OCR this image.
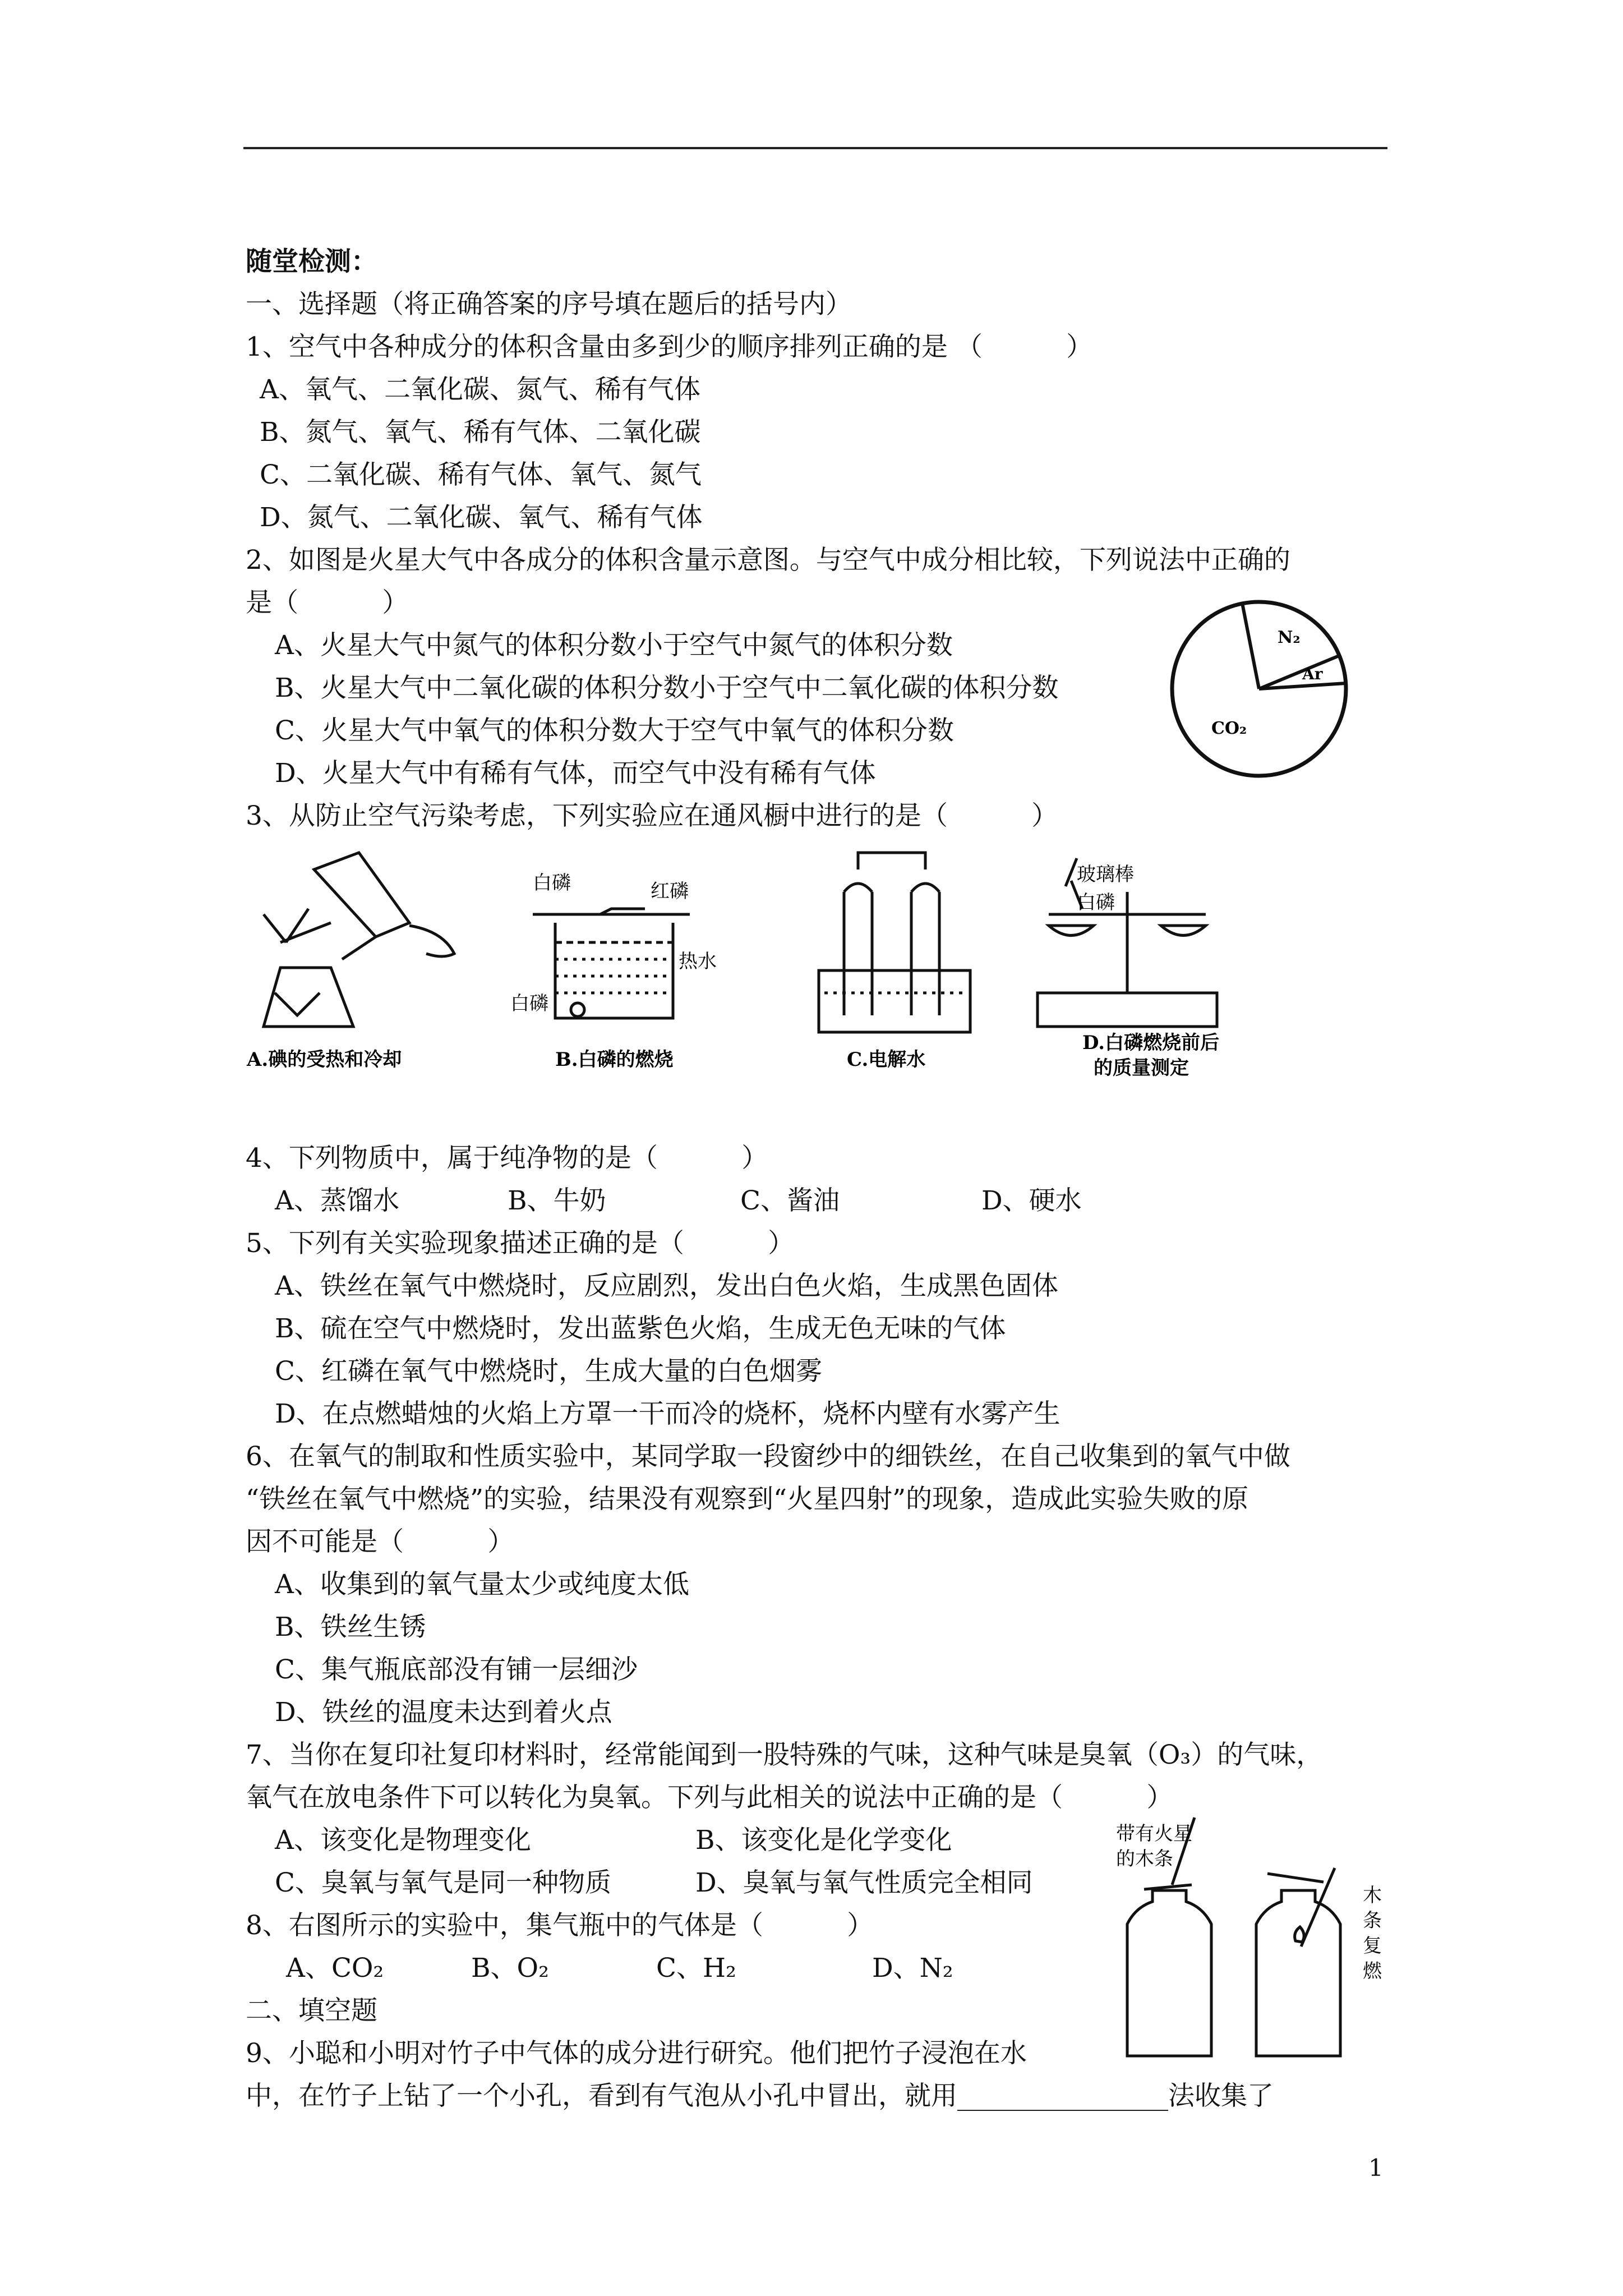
随堂检测：
一、选择题（将正确答案的序号填在题后的括号内）
1、空气中各种成分的体积含量由多到少的顺序排列正确的是 （          ）
A、氧气、二氧化碳、氮气、稀有气体
B、氮气、氧气、稀有气体、二氧化碳
C、二氧化碳、稀有气体、氧气、氮气
D、氮气、二氧化碳、氧气、稀有气体
2、如图是火星大气中各成分的体积含量示意图。与空气中成分相比较，下列说法中正确的
是（          ）
A、火星大气中氮气的体积分数小于空气中氮气的体积分数
B、火星大气中二氧化碳的体积分数小于空气中二氧化碳的体积分数
C、火星大气中氧气的体积分数大于空气中氧气的体积分数
D、火星大气中有稀有气体，而空气中没有稀有气体
N₂
Ar
CO₂
3、从防止空气污染考虑，下列实验应在通风橱中进行的是（          ）
白磷	红磷
热水
白磷
玻璃棒
白磷
A.碘的受热和冷却	B.白磷的燃烧	C.电解水
D.白磷燃烧前后
的质量测定
4、下列物质中，属于纯净物的是（          ）
A、蒸馏水	B、牛奶	C、酱油	D、硬水
5、下列有关实验现象描述正确的是（          ）
A、铁丝在氧气中燃烧时，反应剧烈，发出白色火焰，生成黑色固体
B、硫在空气中燃烧时，发出蓝紫色火焰，生成无色无味的气体
C、红磷在氧气中燃烧时，生成大量的白色烟雾
D、在点燃蜡烛的火焰上方罩一干而冷的烧杯，烧杯内壁有水雾产生
6、在氧气的制取和性质实验中，某同学取一段窗纱中的细铁丝，在自己收集到的氧气中做
“铁丝在氧气中燃烧”的实验，结果没有观察到“火星四射”的现象，造成此实验失败的原
因不可能是（          ）
A、收集到的氧气量太少或纯度太低
B、铁丝生锈
C、集气瓶底部没有铺一层细沙
D、铁丝的温度未达到着火点
7、当你在复印社复印材料时，经常能闻到一股特殊的气味，这种气味是臭氧（O₃）的气味，
氧气在放电条件下可以转化为臭氧。下列与此相关的说法中正确的是（          ）
A、该变化是物理变化	B、该变化是化学变化
C、臭氧与氧气是同一种物质	D、臭氧与氧气性质完全相同
8、右图所示的实验中，集气瓶中的气体是（          ）
A、CO₂	B、O₂	C、H₂	D、N₂
带有火星
的木条
木
条
复
燃
二、填空题
9、小聪和小明对竹子中气体的成分进行研究。他们把竹子浸泡在水
中，在竹子上钻了一个小孔，看到有气泡从小孔中冒出，就用________________法收集了
1
